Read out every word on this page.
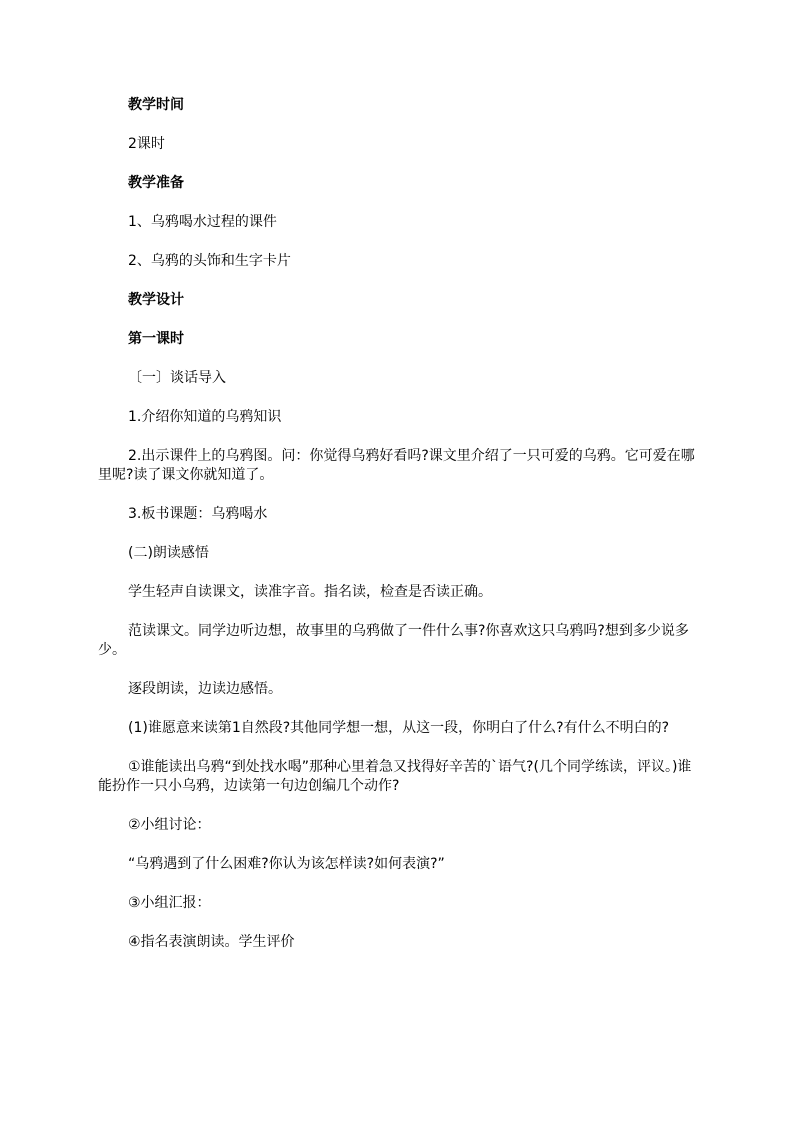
教学时间

2课时

教学准备

1、乌鸦喝水过程的课件

2、乌鸦的头饰和生字卡片

教学设计

第一课时

〔一〕谈话导入

1.介绍你知道的乌鸦知识

2.出示课件上的乌鸦图。问：你觉得乌鸦好看吗?课文里介绍了一只可爱的乌鸦。它可爱在哪里呢?读了课文你就知道了。

3.板书课题：乌鸦喝水

(二)朗读感悟

学生轻声自读课文，读准字音。指名读，检查是否读正确。

范读课文。同学边听边想，故事里的乌鸦做了一件什么事?你喜欢这只乌鸦吗?想到多少说多少。

逐段朗读，边读边感悟。

(1)谁愿意来读第1自然段?其他同学想一想，从这一段，你明白了什么?有什么不明白的?

①谁能读出乌鸦“到处找水喝”那种心里着急又找得好辛苦的`语气?(几个同学练读，评议。)谁能扮作一只小乌鸦，边读第一句边创编几个动作?

②小组讨论：

“乌鸦遇到了什么困难?你认为该怎样读?如何表演?”

③小组汇报：

④指名表演朗读。学生评价
